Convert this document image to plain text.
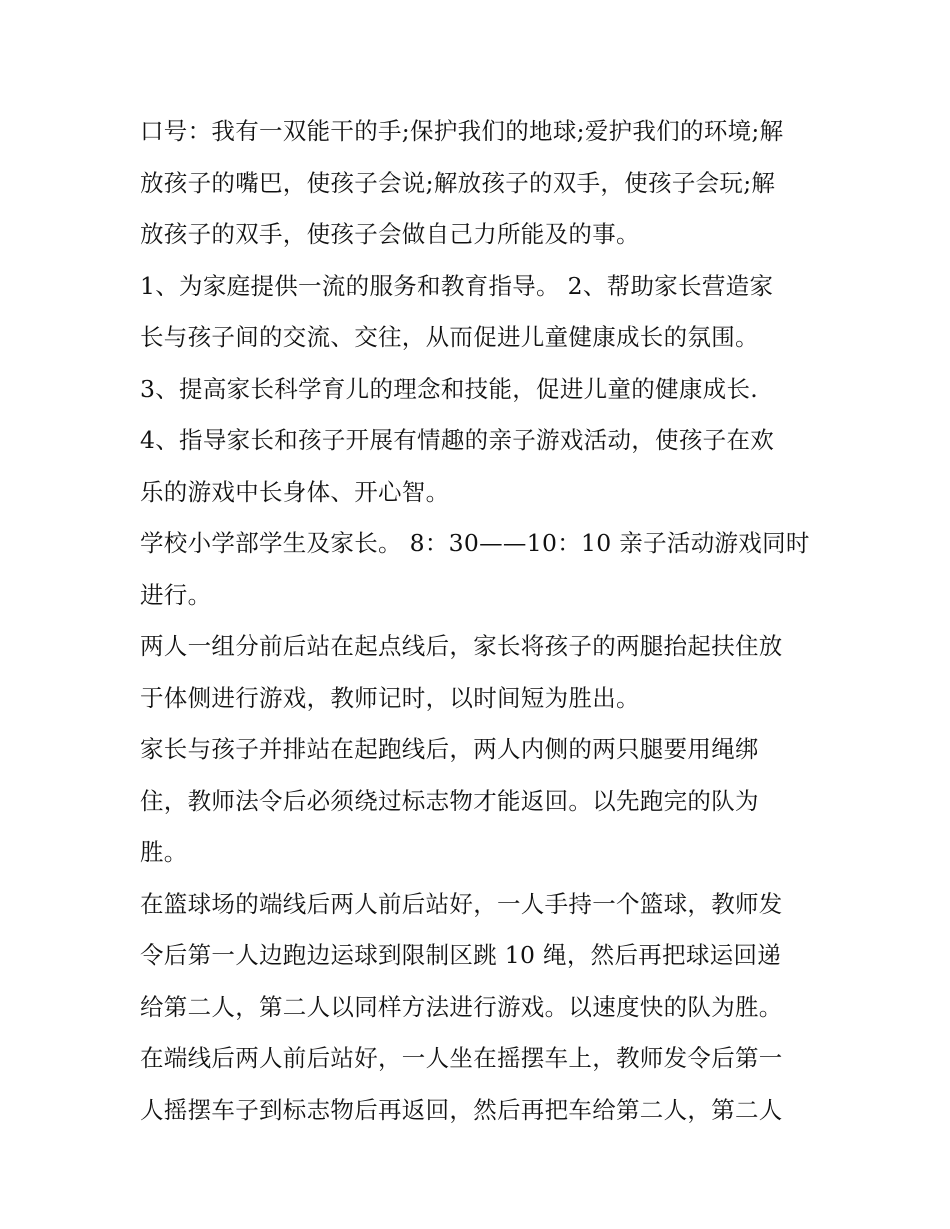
口号：我有一双能干的手;保护我们的地球;爱护我们的环境;解
放孩子的嘴巴，使孩子会说;解放孩子的双手，使孩子会玩;解
放孩子的双手，使孩子会做自己力所能及的事。
1、为家庭提供一流的服务和教育指导。 2、帮助家长营造家
长与孩子间的交流、交往，从而促进儿童健康成长的氛围。
3、提高家长科学育儿的理念和技能，促进儿童的健康成长.
4、指导家长和孩子开展有情趣的亲子游戏活动，使孩子在欢
乐的游戏中长身体、开心智。
学校小学部学生及家长。 8：30——10：10 亲子活动游戏同时
进行。
两人一组分前后站在起点线后，家长将孩子的两腿抬起扶住放
于体侧进行游戏，教师记时，以时间短为胜出。
家长与孩子并排站在起跑线后，两人内侧的两只腿要用绳绑
住，教师法令后必须绕过标志物才能返回。以先跑完的队为
胜。
在篮球场的端线后两人前后站好，一人手持一个篮球，教师发
令后第一人边跑边运球到限制区跳 10 绳，然后再把球运回递
给第二人，第二人以同样方法进行游戏。以速度快的队为胜。
在端线后两人前后站好，一人坐在摇摆车上，教师发令后第一
人摇摆车子到标志物后再返回，然后再把车给第二人，第二人
